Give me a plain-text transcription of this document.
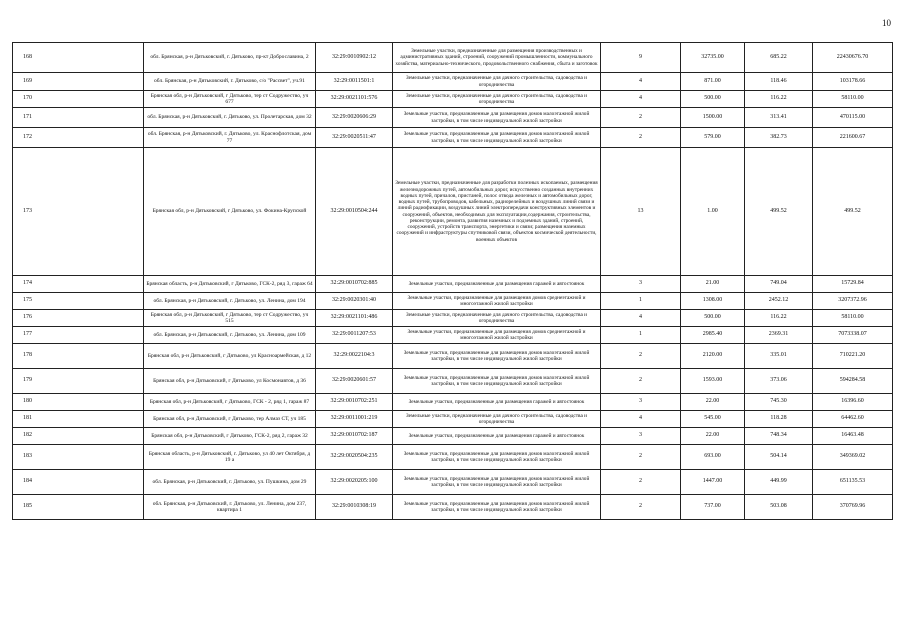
10
168	обл. Брянская, р-н Дятьковский, г. Дятьково, пр-кт Доброславина, 2	32:29:0010902:12	Земельные участки, предназначенные для размещения производственных и административных зданий, строений, сооружений промышленности, коммунального хозяйства, материально-технического, продовольственного снабжения, сбыта и заготовок	9	32735.00	685.22	22430676.70
169	обл. Брянская, р-н Дятьковский, г. Дятьково, с/о "Рассвет", уч.91	32:29:0011501:1	Земельные участки, предназначенные для дачного строительства, садоводства и огородничества	4	871.00	118.46	103178.66
170	Брянская обл, р-н Дятьковский, г Дятьково, тер ст Содружество, уч 677	32:29:0021101:576	Земельные участки, предназначенные для дачного строительства, садоводства и огородничества	4	500.00	116.22	58110.00
171	обл. Брянская, р-н Дятьковский, г. Дятьково, ул. Пролетарская, дом 32	32:29:0020606:29	Земельные участки, предназначенные для размещения домов малоэтажной жилой застройки, в том числе индивидуальной жилой застройки	2	1500.00	313.41	470115.00
172	обл. Брянская, р-н Дятьковский, г. Дятьково, ул. Краснофлотская, дом 77	32:29:0020511:47	Земельные участки, предназначенные для размещения домов малоэтажной жилой застройки, в том числе индивидуальной жилой застройки	2	579.00	382.73	221600.67
173	Брянская обл, р-н Дятьковский, г Дятьково, ул. Фокина-Крупской	32:29:0010504:244	Земельные участки, предназначенные для разработки полезных ископаемых, размещения железнодорожных путей, автомобильных дорог, искусственно созданных внутренних водных путей, причалов, пристаней, полос отвода железных и автомобильных дорог, водных путей, трубопроводов, кабельных, радиорелейных и воздушных линий связи и линий радиофикации, воздушных линий электропередачи конструктивных элементов и сооружений, объектов, необходимых для эксплуатации,содержания, строительства, реконструкции, ремонта, развития наземных и подземных зданий, строений, сооружений, устройств транспорта, энергетики и связи; размещения наземных сооружений и инфраструктуры спутниковой связи, объектов космической деятельности, военных объектов	13	1.00	499.52	499.52
174	Брянская область, р-н Дятьковский, г Дятьково, ГСК-2, ряд 3, гараж 64	32:29:0010702:885	Земельные участки, предназначенные для размещения гаражей и автостоянок	3	21.00	749.04	15729.84
175	обл. Брянская, р-н Дятьковский, г. Дятьково, ул. Ленина, дом 194	32:29:0020301:40	Земельные участки, предназначенные для размещения домов среднеэтажной и многоэтажной жилой застройки	1	1308.00	2452.12	3207372.96
176	Брянская обл, р-н Дятьковский, г Дятьково, тер ст Содружество, уч 515	32:29:0021101:486	Земельные участки, предназначенные для дачного строительства, садоводства и огородничества	4	500.00	116.22	58110.00
177	обл. Брянская, р-н Дятьковский, г. Дятьково, ул. Ленина, дом 109	32:29:0011207:53	Земельные участки, предназначенные для размещения домов среднеэтажной и многоэтажной жилой застройки	1	2985.40	2369.31	7073338.07
178	Брянская обл, р-н Дятьковский, г Дятьково, ул Красноармейская, д 12	32:29:0022104:3	Земельные участки, предназначенные для размещения домов малоэтажной жилой застройки, в том числе индивидуальной жилой застройки	2	2120.00	335.01	710221.20
179	Брянская обл, р-н Дятьковский, г Дятьково, ул Космонавтов, д 36	32:29:0020601:57	Земельные участки, предназначенные для размещения домов малоэтажной жилой застройки, в том числе индивидуальной жилой застройки	2	1593.00	373.06	594284.58
180	Брянская обл, р-н Дятьковский, г Дятьково, ГСК - 2, ряд 1, гараж 87	32:29:0010702:251	Земельные участки, предназначенные для размещения гаражей и автостоянок	3	22.00	745.30	16396.60
181	Брянская обл, р-н Дятьковский, г Дятьково, тер Алмаз СТ, уч 185	32:29:0011001:219	Земельные участки, предназначенные для дачного строительства, садоводства и огородничества	4	545.00	118.28	64462.60
182	Брянская обл, р-н Дятьковский, г Дятьково, ГСК-2, ряд 2, гараж 32	32:29:0010702:187	Земельные участки, предназначенные для размещения гаражей и автостоянок	3	22.00	748.34	16463.48
183	Брянская область, р-н Дятьковский, г. Дятьково, ул 40 лет Октября, д 19 а	32:29:0020504:235	Земельные участки, предназначенные для размещения домов малоэтажной жилой застройки, в том числе индивидуальной жилой застройки	2	693.00	504.14	349369.02
184	обл. Брянская, р-н Дятьковский, г. Дятьково, ул. Пушкина, дом 29	32:29:0020205:100	Земельные участки, предназначенные для размещения домов малоэтажной жилой застройки, в том числе индивидуальной жилой застройки	2	1447.00	449.99	651135.53
185	обл. Брянская, р-н Дятьковский, г. Дятьково, ул. Ленина, дом 237, квартира 1	32:29:0010308:19	Земельные участки, предназначенные для размещения домов малоэтажной жилой застройки, в том числе индивидуальной жилой застройки	2	737.00	503.08	370769.96
